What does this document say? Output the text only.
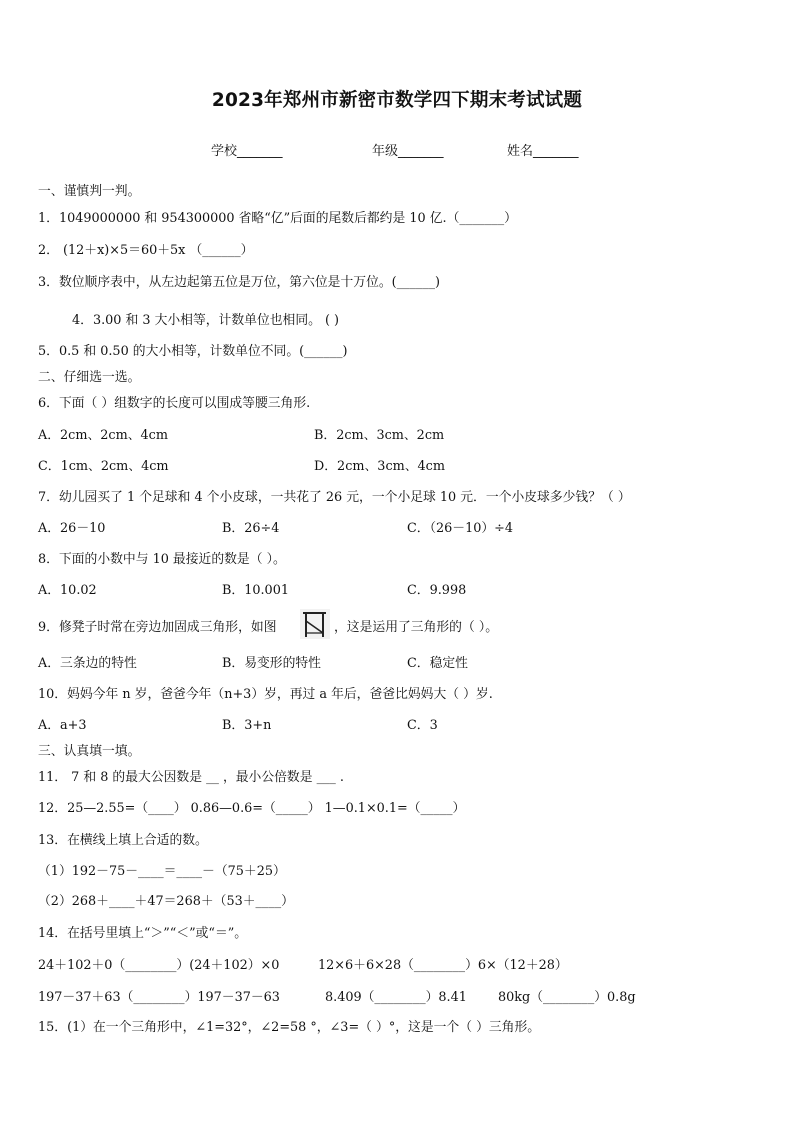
2023年郑州市新密市数学四下期末考试试题
学校_______	年级_______	姓名_______
一、谨慎判一判。
1．1049000000 和 954300000 省略“亿”后面的尾数后都约是 10 亿.（_______）
2． (12＋x)×5＝60＋5x （______）
3．数位顺序表中，从左边起第五位是万位，第六位是十万位。(______)
4．3.00 和 3 大小相等，计数单位也相同。 ( )
5．0.5 和 0.50 的大小相等，计数单位不同。(______)
二、仔细选一选。
6．下面（ ）组数字的长度可以围成等腰三角形.
A．2cm、2cm、4cm	B．2cm、3cm、2cm
C．1cm、2cm、4cm	D．2cm、3cm、4cm
7．幼儿园买了 1 个足球和 4 个小皮球，一共花了 26 元，一个小足球 10 元．一个小皮球多少钱？（ ）
A．26－10	B．26÷4	C．（26－10）÷4
8．下面的小数中与 10 最接近的数是（ ）。
A．10.02	B．10.001	C．9.998
9．修凳子时常在旁边加固成三角形，如图	，这是运用了三角形的（ ）。
A．三条边的特性	B．易变形的特性	C．稳定性
10．妈妈今年 n 岁，爸爸今年（n+3）岁，再过 a 年后，爸爸比妈妈大（ ）岁.
A．a+3	B．3+n	C．3
三、认真填一填。
11． 7 和 8 的最大公因数是 __ ，最小公倍数是 ___ .
12．25—2.55=（____） 0.86—0.6=（_____） 1—0.1×0.1=（_____）
13．在横线上填上合适的数。
（1）192－75－____＝____－（75＋25）
（2）268＋____＋47＝268＋（53＋____）
14．在括号里填上“＞”“＜”或“＝”。
24＋102＋0（________）(24＋102）×0	12×6＋6×28（________）6×（12＋28）
197－37＋63（________）197－37－63	8.409（________）8.41 80kg（________）0.8g
15．(1）在一个三角形中，∠1=32°，∠2=58 °，∠3=（ ）°，这是一个（ ）三角形。
